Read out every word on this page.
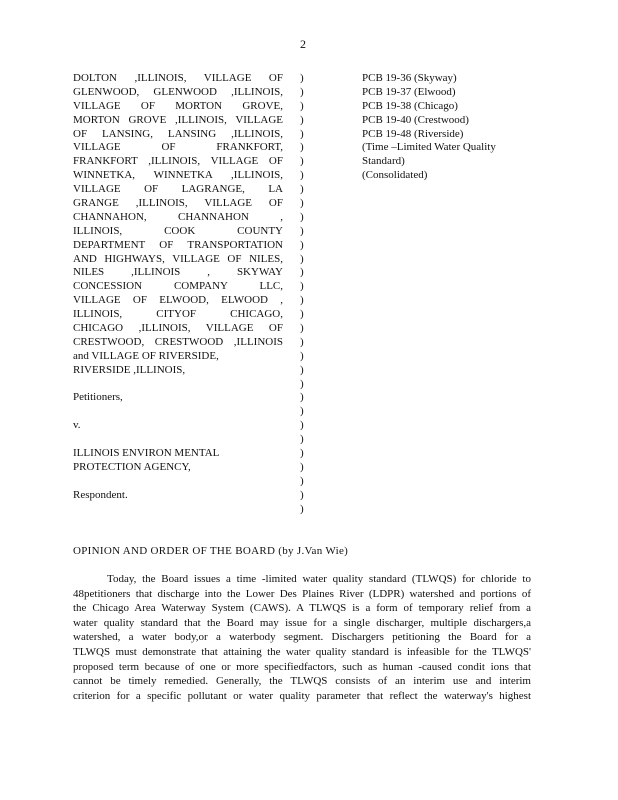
2
DOLTON ,ILLINOIS, VILLAGE OF
GLENWOOD, GLENWOOD ,ILLINOIS,
VILLAGE OF MORTON GROVE,
MORTON GROVE ,ILLINOIS, VILLAGE
OF LANSING, LANSING ,ILLINOIS,
VILLAGE OF FRANKFORT,
FRANKFORT ,ILLINOIS, VILLAGE OF
WINNETKA, WINNETKA ,ILLINOIS,
VILLAGE OF LAGRANGE, LA
GRANGE ,ILLINOIS, VILLAGE OF
CHANNAHON, CHANNAHON ,
ILLINOIS, COOK COUNTY
DEPARTMENT OF TRANSPORTATION
AND HIGHWAYS, VILLAGE OF NILES,
NILES ,ILLINOIS , SKYWAY
CONCESSION COMPANY LLC,
VILLAGE OF ELWOOD, ELWOOD ,
ILLINOIS, CITYOF CHICAGO,
CHICAGO ,ILLINOIS, VILLAGE OF
CRESTWOOD, CRESTWOOD ,ILLINOIS
and VILLAGE OF RIVERSIDE,
RIVERSIDE ,ILLINOIS,
Petitioners,
v.
ILLINOIS ENVIRON MENTAL
PROTECTION AGENCY,
Respondent.
)
)
)
)
)
)
)
)
)
)
)
)
)
)
)
)
)
)
)
)
)
)
)
)
)
)
)
)
)
)
)
)
PCB 19-36 (Skyway)
PCB 19-37 (Elwood)
PCB 19-38 (Chicago)
PCB 19-40 (Crestwood)
PCB 19-48 (Riverside)
(Time –Limited Water Quality
Standard)
(Consolidated)
OPINION AND ORDER OF THE BOARD (by J.Van Wie)
Today, the Board issues a time -limited water quality standard (TLWQS) for chloride to
48petitioners that discharge into the Lower Des Plaines River (LDPR) watershed and portions of
the Chicago Area Waterway System (CAWS). A TLWQS is a form of temporary relief from a
water quality standard that the Board may issue for a single discharger, multiple dischargers,a
watershed, a water body,or a waterbody segment. Dischargers petitioning the Board for a
TLWQS must demonstrate that attaining the water quality standard is infeasible for the TLWQS'
proposed term because of one or more specifiedfactors, such as human -caused condit ions that
cannot be timely remedied. Generally, the TLWQS consists of an interim use and interim
criterion for a specific pollutant or water quality parameter that reflect the waterway's highest
